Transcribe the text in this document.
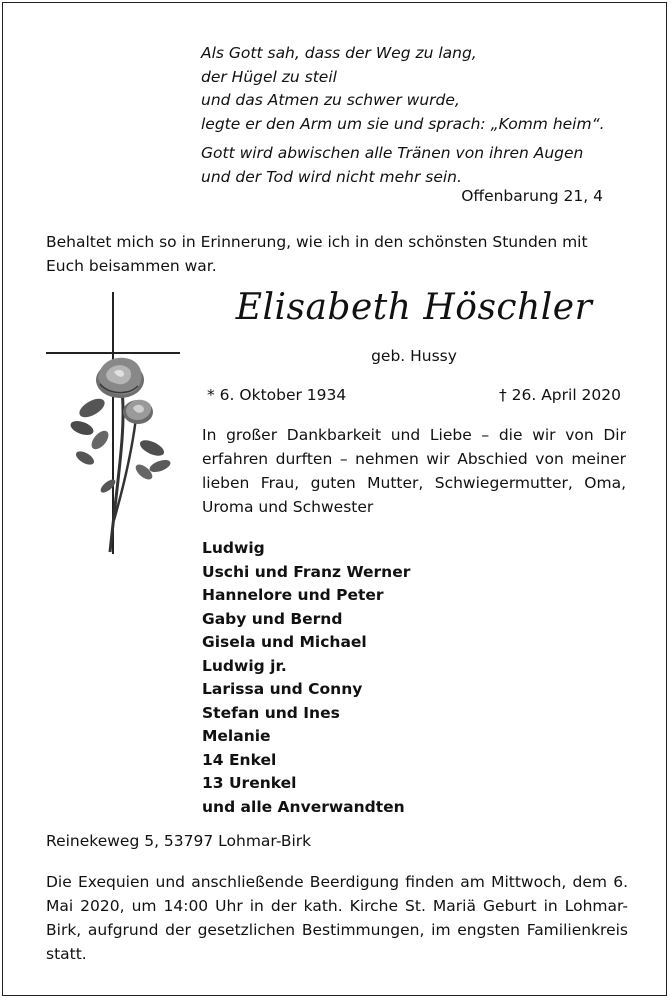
Als Gott sah, dass der Weg zu lang,
der Hügel zu steil
und das Atmen zu schwer wurde,
legte er den Arm um sie und sprach: „Komm heim“.
Gott wird abwischen alle Tränen von ihren Augen
und der Tod wird nicht mehr sein.
Offenbarung 21, 4
Behaltet mich so in Erinnerung, wie ich in den schönsten Stunden mit Euch beisammen war.
Elisabeth Höschler
geb. Hussy
* 6. Oktober 1934	† 26. April 2020
In großer Dankbarkeit und Liebe – die wir von Dir erfahren durften – nehmen wir Abschied von meiner lieben Frau, guten Mutter, Schwiegermutter, Oma, Uroma und Schwester
Ludwig
Uschi und Franz Werner
Hannelore und Peter
Gaby und Bernd
Gisela und Michael
Ludwig jr.
Larissa und Conny
Stefan und Ines
Melanie
14 Enkel
13 Urenkel
und alle Anverwandten
Reinekeweg 5, 53797 Lohmar-Birk
Die Exequien und anschließende Beerdigung finden am Mittwoch, dem 6. Mai 2020, um 14:00 Uhr in der kath. Kirche St. Mariä Geburt in Lohmar-Birk, aufgrund der gesetzlichen Bestimmungen, im engsten Familienkreis statt.
